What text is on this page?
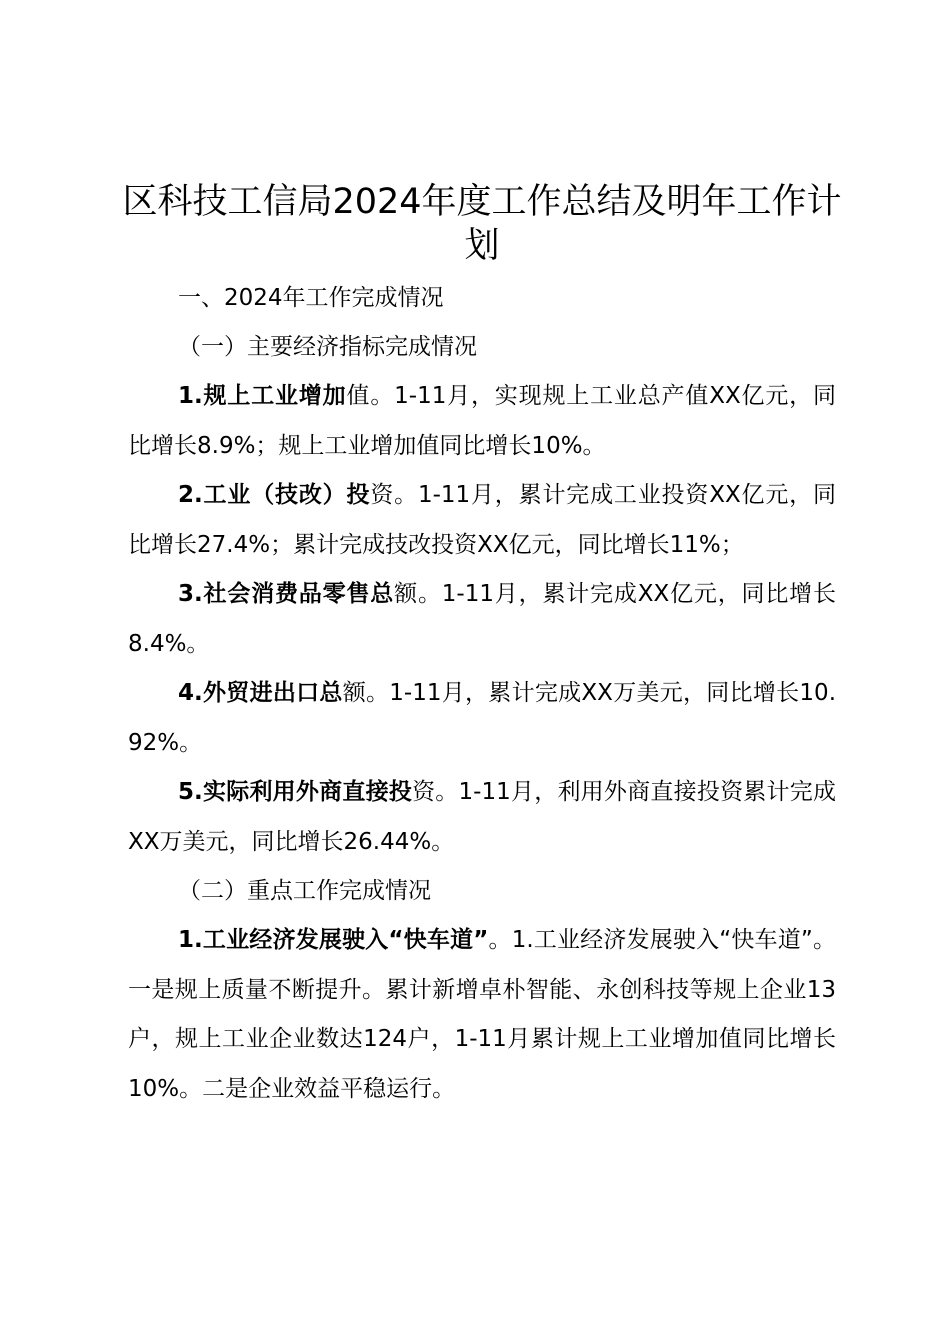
区科技工信局2024年度工作总结及明年工作计划

一、2024年工作完成情况

（一）主要经济指标完成情况

1.规上工业增加值。1-11月，实现规上工业总产值XX亿元，同比增长8.9%；规上工业增加值同比增长10%。

2.工业（技改）投资。1-11月，累计完成工业投资XX亿元，同比增长27.4%；累计完成技改投资XX亿元，同比增长11%；

3.社会消费品零售总额。1-11月，累计完成XX亿元，同比增长8.4%。

4.外贸进出口总额。1-11月，累计完成XX万美元，同比增长10.92%。

5.实际利用外商直接投资。1-11月，利用外商直接投资累计完成XX万美元，同比增长26.44%。

（二）重点工作完成情况

1.工业经济发展驶入“快车道”。1.工业经济发展驶入“快车道”。一是规上质量不断提升。累计新增卓朴智能、永创科技等规上企业13户，规上工业企业数达124户，1-11月累计规上工业增加值同比增长10%。二是企业效益平稳运行。
